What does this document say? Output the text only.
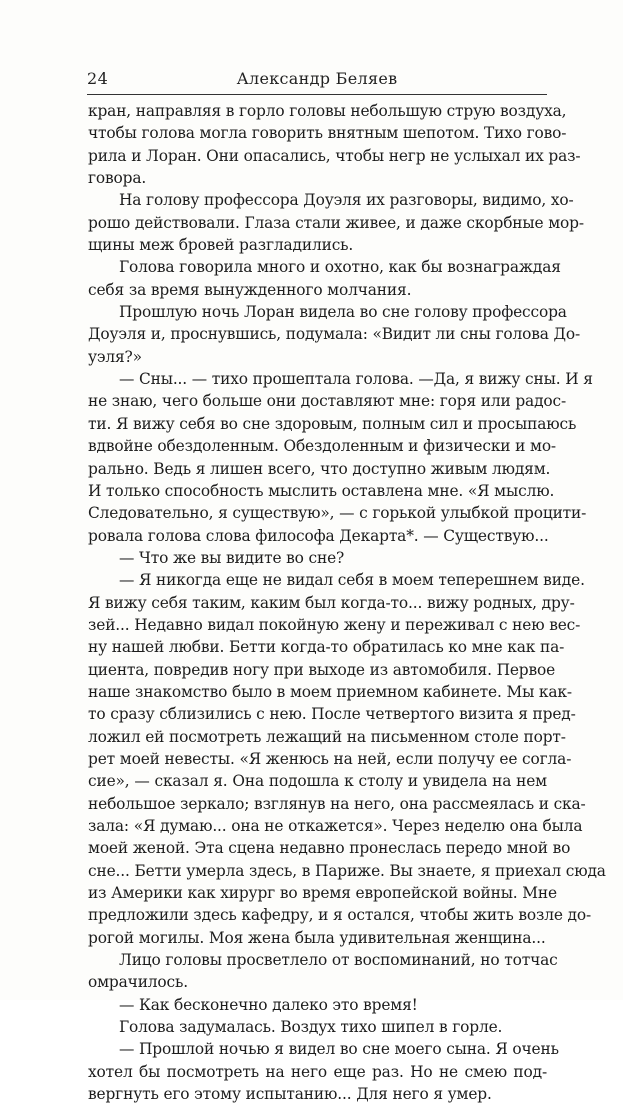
24	Александр Беляев
кран, направляя в горло головы небольшую струю воздуха,
чтобы голова могла говорить внятным шепотом. Тихо гово-
рила и Лоран. Они опасались, чтобы негр не услыхал их раз-
говора.
На голову профессора Доуэля их разговоры, видимо, хо-
рошо действовали. Глаза стали живее, и даже скорбные мор-
щины меж бровей разгладились.
Голова говорила много и охотно, как бы вознаграждая
себя за время вынужденного молчания.
Прошлую ночь Лоран видела во сне голову профессора
Доуэля и, проснувшись, подумала: «Видит ли сны голова До-
уэля?»
— Сны... — тихо прошептала голова. —Да, я вижу сны. И я
не знаю, чего больше они доставляют мне: горя или радос-
ти. Я вижу себя во сне здоровым, полным сил и просыпаюсь
вдвойне обездоленным. Обездоленным и физически и мо-
рально. Ведь я лишен всего, что доступно живым людям.
И только способность мыслить оставлена мне. «Я мыслю.
Следовательно, я существую», — с горькой улыбкой процити-
ровала голова слова философа Декарта*. — Существую...
— Что же вы видите во сне?
— Я никогда еще не видал себя в моем теперешнем виде.
Я вижу себя таким, каким был когда-то... вижу родных, дру-
зей... Недавно видал покойную жену и переживал с нею вес-
ну нашей любви. Бетти когда-то обратилась ко мне как па-
циента, повредив ногу при выходе из автомобиля. Первое
наше знакомство было в моем приемном кабинете. Мы как-
то сразу сблизились с нею. После четвертого визита я пред-
ложил ей посмотреть лежащий на письменном столе порт-
рет моей невесты. «Я женюсь на ней, если получу ее согла-
сие», — сказал я. Она подошла к столу и увидела на нем
небольшое зеркало; взглянув на него, она рассмеялась и ска-
зала: «Я думаю... она не откажется». Через неделю она была
моей женой. Эта сцена недавно пронеслась передо мной во
сне... Бетти умерла здесь, в Париже. Вы знаете, я приехал сюда
из Америки как хирург во время европейской войны. Мне
предложили здесь кафедру, и я остался, чтобы жить возле до-
рогой могилы. Моя жена была удивительная женщина...
Лицо головы просветлело от воспоминаний, но тотчас
омрачилось.
— Как бесконечно далеко это время!
Голова задумалась. Воздух тихо шипел в горле.
— Прошлой ночью я видел во сне моего сына. Я очень
хотел бы посмотреть на него еще раз. Но не смею под-
вергнуть его этому испытанию... Для него я умер.
